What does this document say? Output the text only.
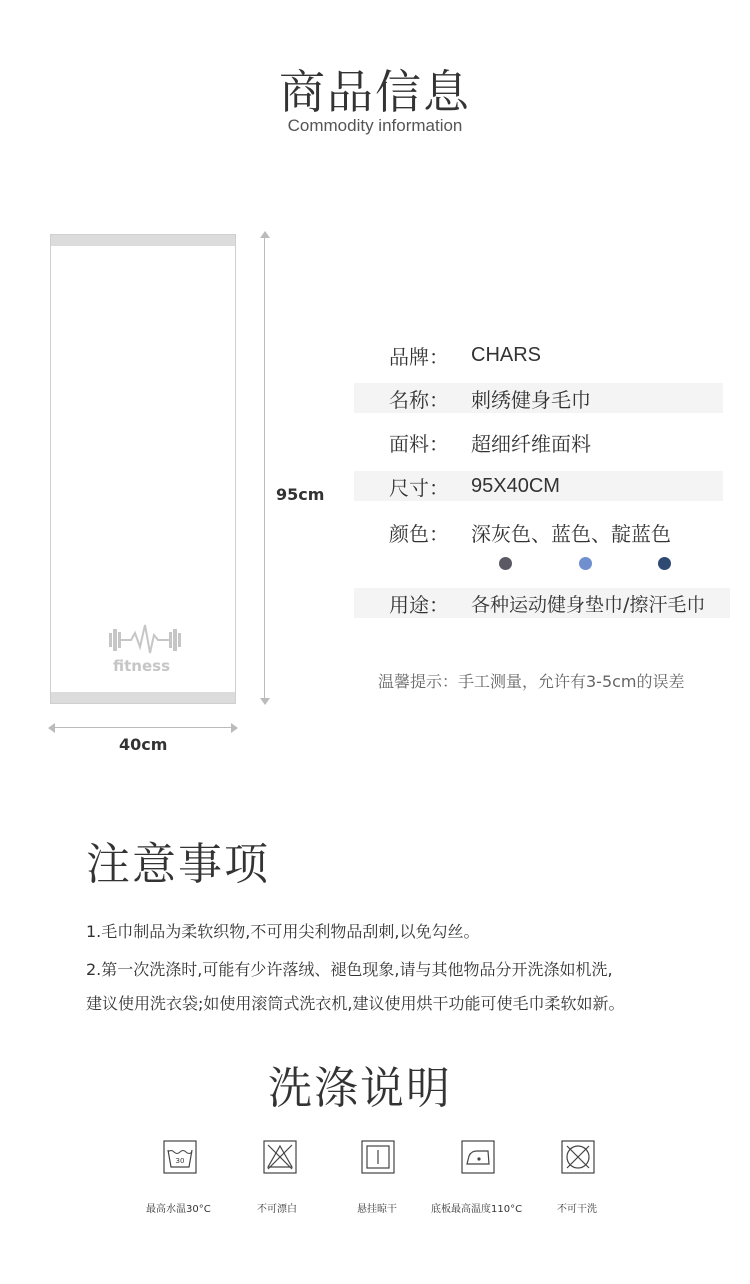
商品信息
Commodity information
fitness
95cm
40cm
品牌：	CHARS
名称：	刺绣健身毛巾
面料：	超细纤维面料
尺寸：	95X40CM
颜色：	深灰色、蓝色、靛蓝色
用途：	各种运动健身垫巾/擦汗毛巾
温馨提示：手工测量，允许有3-5cm的误差
注意事项
1.毛巾制品为柔软织物,不可用尖利物品刮刺,以免勾丝。
2.第一次洗涤时,可能有少许落绒、褪色现象,请与其他物品分开洗涤如机洗,
建议使用洗衣袋;如使用滚筒式洗衣机,建议使用烘干功能可使毛巾柔软如新。
洗涤说明
30
最高水温30°C	不可漂白	悬挂晾干	底板最高温度110°C	不可干洗
